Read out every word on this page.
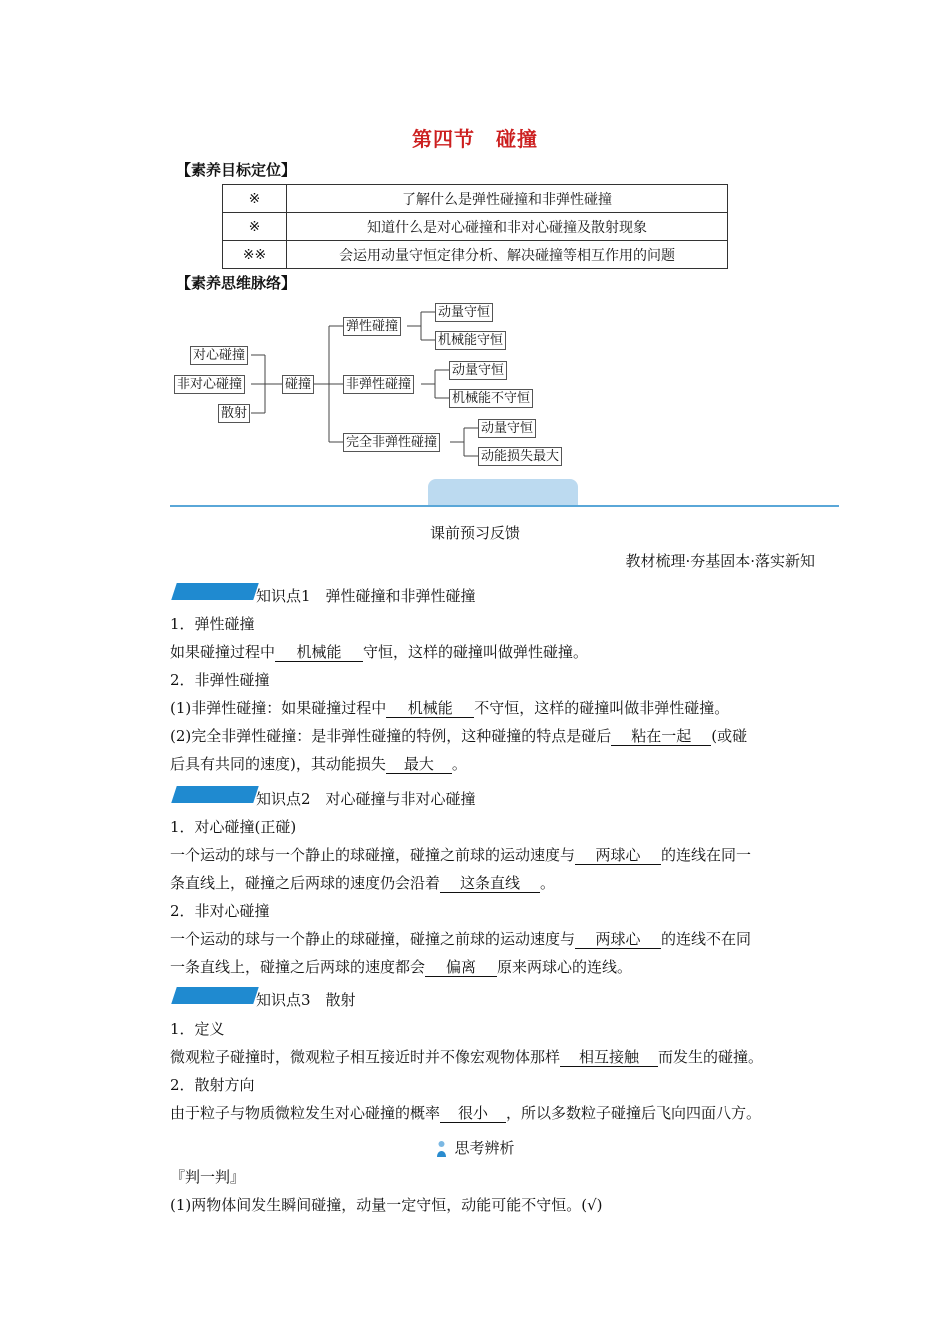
第四节　碰撞
【素养目标定位】
※	了解什么是弹性碰撞和非弹性碰撞
※	知道什么是对心碰撞和非对心碰撞及散射现象
※※	会运用动量守恒定律分析、解决碰撞等相互作用的问题
【素养思维脉络】
对心碰撞
非对心碰撞
散射
碰撞
弹性碰撞
动量守恒
机械能守恒
非弹性碰撞
动量守恒
机械能不守恒
完全非弹性碰撞
动量守恒
动能损失最大
课前预习反馈
教材梳理·夯基固本·落实新知
知识点1　弹性碰撞和非弹性碰撞
1．弹性碰撞
如果碰撞过程中 机械能 守恒，这样的碰撞叫做弹性碰撞。
2．非弹性碰撞
(1)非弹性碰撞：如果碰撞过程中 机械能 不守恒，这样的碰撞叫做非弹性碰撞。
(2)完全非弹性碰撞：是非弹性碰撞的特例，这种碰撞的特点是碰后 粘在一起 (或碰
后具有共同的速度)，其动能损失 最大 。
知识点2　对心碰撞与非对心碰撞
1．对心碰撞(正碰)
一个运动的球与一个静止的球碰撞，碰撞之前球的运动速度与 两球心 的连线在同一
条直线上，碰撞之后两球的速度仍会沿着 这条直线 。
2．非对心碰撞
一个运动的球与一个静止的球碰撞，碰撞之前球的运动速度与 两球心 的连线不在同
一条直线上，碰撞之后两球的速度都会 偏离 原来两球心的连线。
知识点3　散射
1．定义
微观粒子碰撞时，微观粒子相互接近时并不像宏观物体那样 相互接触 而发生的碰撞。
2．散射方向
由于粒子与物质微粒发生对心碰撞的概率 很小 ，所以多数粒子碰撞后飞向四面八方。
思考辨析
『判一判』
(1)两物体间发生瞬间碰撞，动量一定守恒，动能可能不守恒。(√)
